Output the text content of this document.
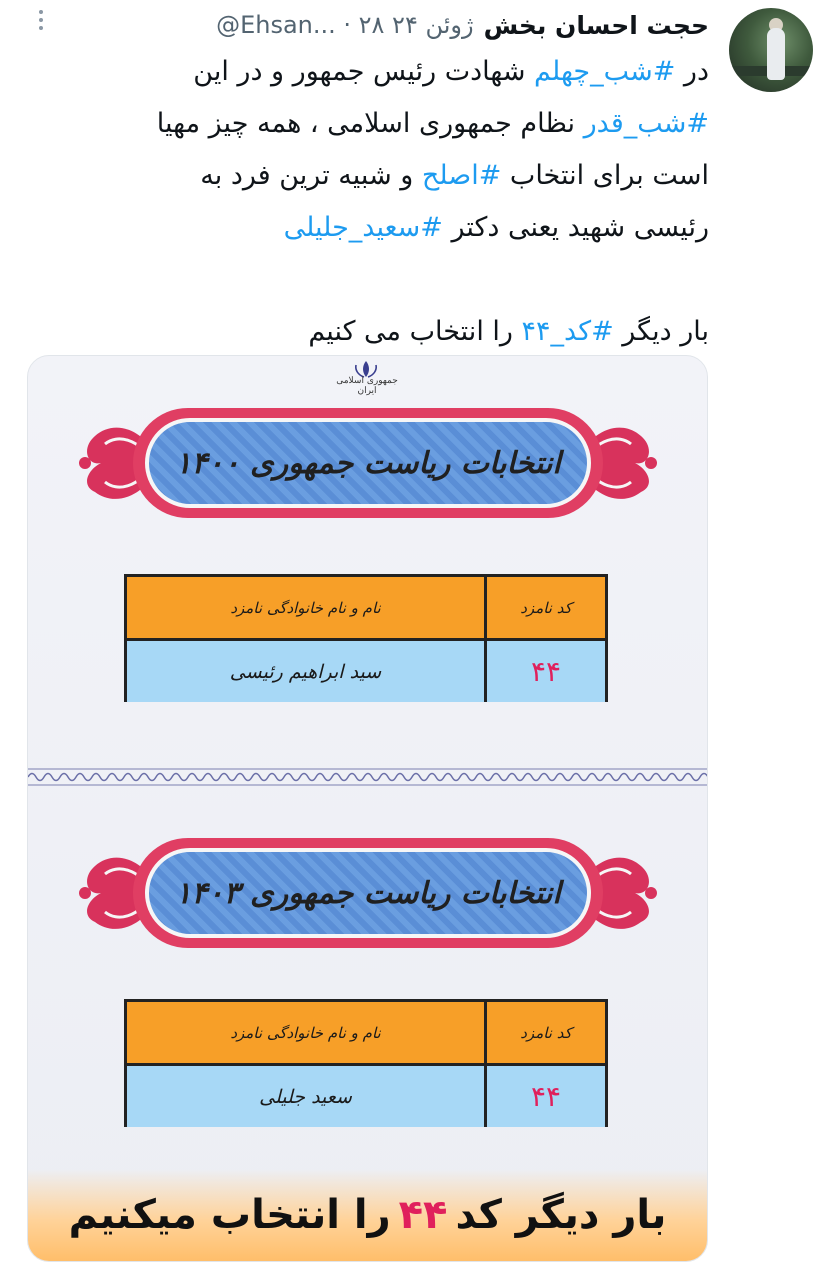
حجت احسان بخش
@Ehsan... · ۲۸ ژوئن ۲۴

در #شب_چهلم شهادت رئیس جمهور و در این

#شب_قدر نظام جمهوری اسلامی ، همه چیز مهیا

است برای انتخاب #اصلح و شبیه ترین فرد به

رئیسی شهید یعنی دکتر #سعید_جلیلی

بار دیگر #کد_۴۴ را انتخاب می کنیم

جمهوری اسلامی ایران
انتخابات ریاست جمهوری ۱۴۰۰
کد نامزد
نام و نام خانوادگی نامزد
۴۴
سید ابراهیم رئیسی
انتخابات ریاست جمهوری ۱۴۰۳
کد نامزد
نام و نام خانوادگی نامزد
۴۴
سعید جلیلی
بار دیگر کد
۴۴
را انتخاب میکنیم
